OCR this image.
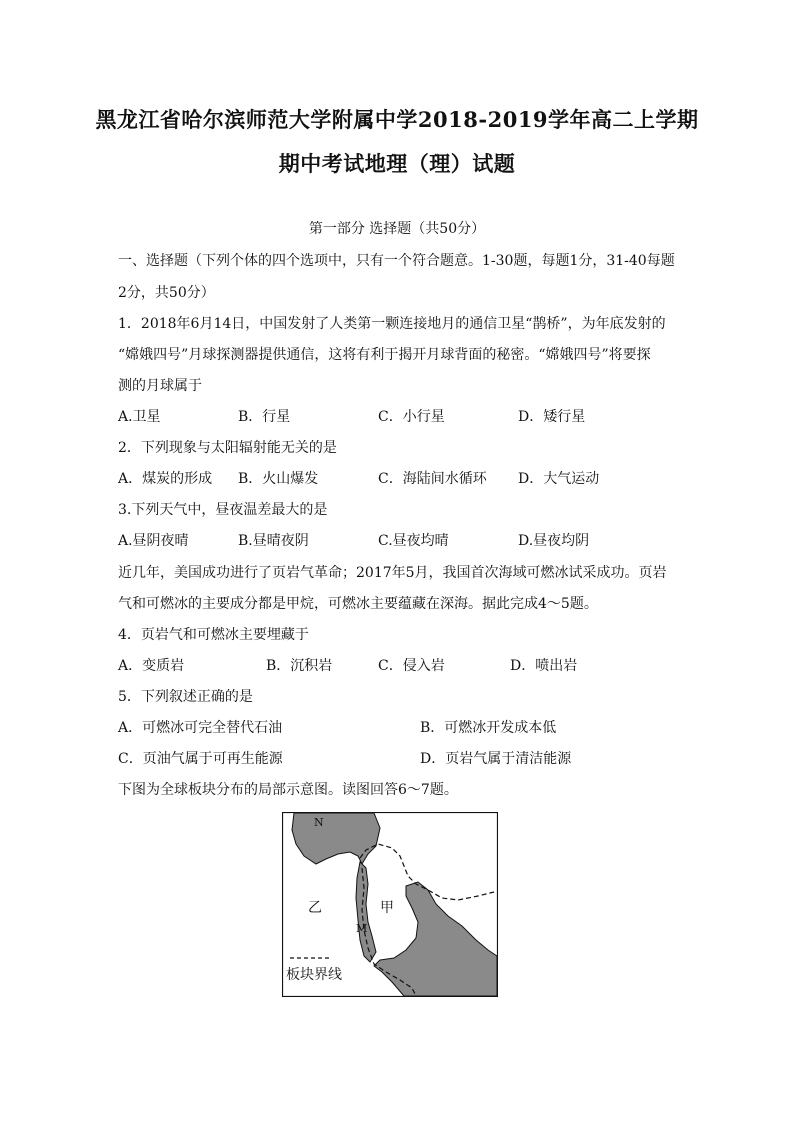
黑龙江省哈尔滨师范大学附属中学2018-2019学年高二上学期
期中考试地理（理）试题
第一部分 选择题（共50分）
一、选择题（下列个体的四个选项中，只有一个符合题意。1-30题，每题1分，31-40每题
2分，共50分）
1．2018年6月14日，中国发射了人类第一颗连接地月的通信卫星“鹊桥”，为年底发射的
“嫦娥四号”月球探测器提供通信，这将有利于揭开月球背面的秘密。“嫦娥四号”将要探
测的月球属于
A.卫星	B．行星	C．小行星	D．矮行星
2．下列现象与太阳辐射能无关的是
A．煤炭的形成 B．火山爆发	C．海陆间水循环 D．大气运动
3.下列天气中，昼夜温差最大的是
A.昼阴夜晴	B.昼晴夜阴	C.昼夜均晴	D.昼夜均阴
近几年，美国成功进行了页岩气革命；2017年5月，我国首次海域可燃冰试采成功。页岩
气和可燃冰的主要成分都是甲烷，可燃冰主要蕴藏在深海。据此完成4～5题。
4．页岩气和可燃冰主要埋藏于
A．变质岩	B．沉积岩	C．侵入岩	D．喷出岩
5．下列叙述正确的是
A．可燃冰可完全替代石油	B．可燃冰开发成本低
C．页油气属于可再生能源	D．页岩气属于清洁能源
下图为全球板块分布的局部示意图。读图回答6～7题。
N
乙	甲
M
板块界线
